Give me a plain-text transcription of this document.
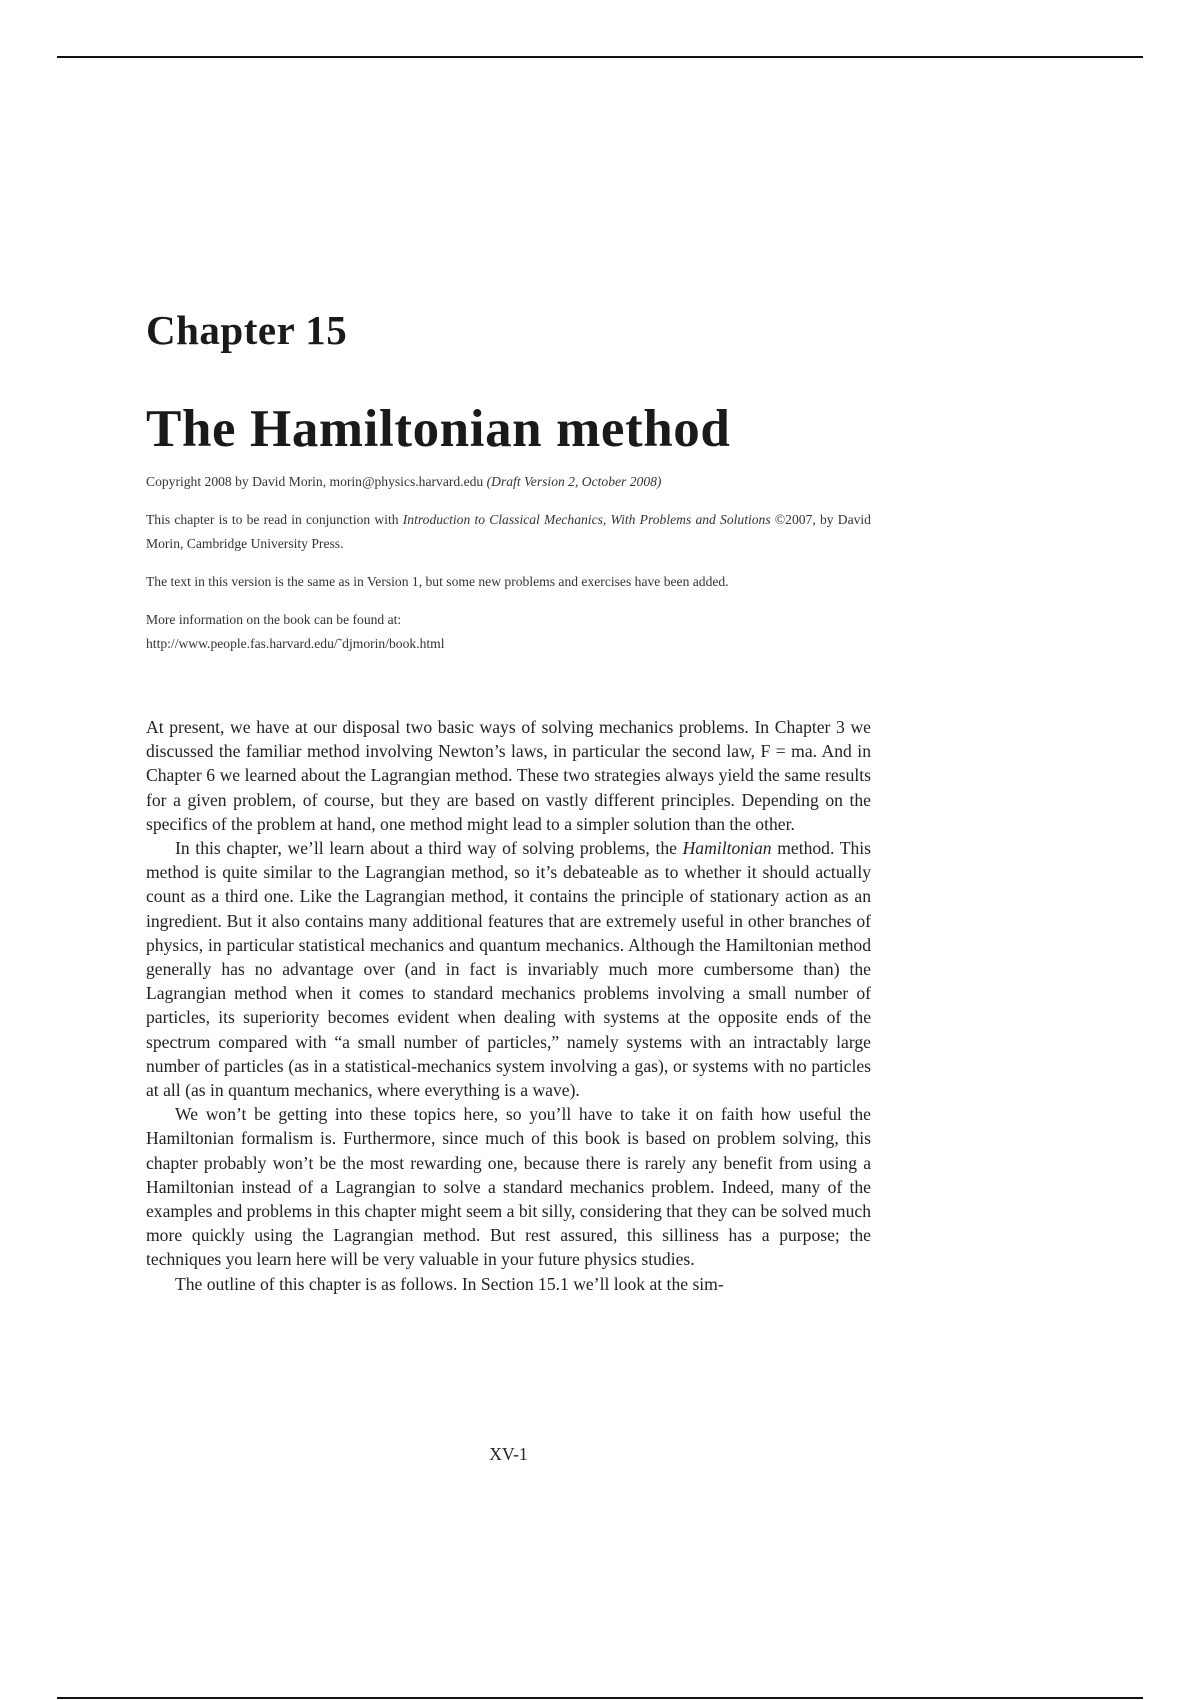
Chapter 15
The Hamiltonian method

Copyright 2008 by David Morin, morin@physics.harvard.edu (Draft Version 2, October 2008)

This chapter is to be read in conjunction with Introduction to Classical Mechanics, With Problems and Solutions ©2007, by David Morin, Cambridge University Press.

The text in this version is the same as in Version 1, but some new problems and exercises have been added.

More information on the book can be found at:
http://www.people.fas.harvard.edu/˜djmorin/book.html

At present, we have at our disposal two basic ways of solving mechanics problems. In Chapter 3 we discussed the familiar method involving Newton’s laws, in particular the second law, F = ma. And in Chapter 6 we learned about the Lagrangian method. These two strategies always yield the same results for a given problem, of course, but they are based on vastly different principles. Depending on the specifics of the problem at hand, one method might lead to a simpler solution than the other.

In this chapter, we’ll learn about a third way of solving problems, the Hamiltonian method. This method is quite similar to the Lagrangian method, so it’s debateable as to whether it should actually count as a third one. Like the Lagrangian method, it contains the principle of stationary action as an ingredient. But it also contains many additional features that are extremely useful in other branches of physics, in particular statistical mechanics and quantum mechanics. Although the Hamiltonian method generally has no advantage over (and in fact is invariably much more cumbersome than) the Lagrangian method when it comes to standard mechanics problems involving a small number of particles, its superiority becomes evident when dealing with systems at the opposite ends of the spectrum compared with “a small number of particles,” namely systems with an intractably large number of particles (as in a statistical-mechanics system involving a gas), or systems with no particles at all (as in quantum mechanics, where everything is a wave).

We won’t be getting into these topics here, so you’ll have to take it on faith how useful the Hamiltonian formalism is. Furthermore, since much of this book is based on problem solving, this chapter probably won’t be the most rewarding one, because there is rarely any benefit from using a Hamiltonian instead of a Lagrangian to solve a standard mechanics problem. Indeed, many of the examples and problems in this chapter might seem a bit silly, considering that they can be solved much more quickly using the Lagrangian method. But rest assured, this silliness has a purpose; the techniques you learn here will be very valuable in your future physics studies.

The outline of this chapter is as follows. In Section 15.1 we’ll look at the sim-

XV-1
